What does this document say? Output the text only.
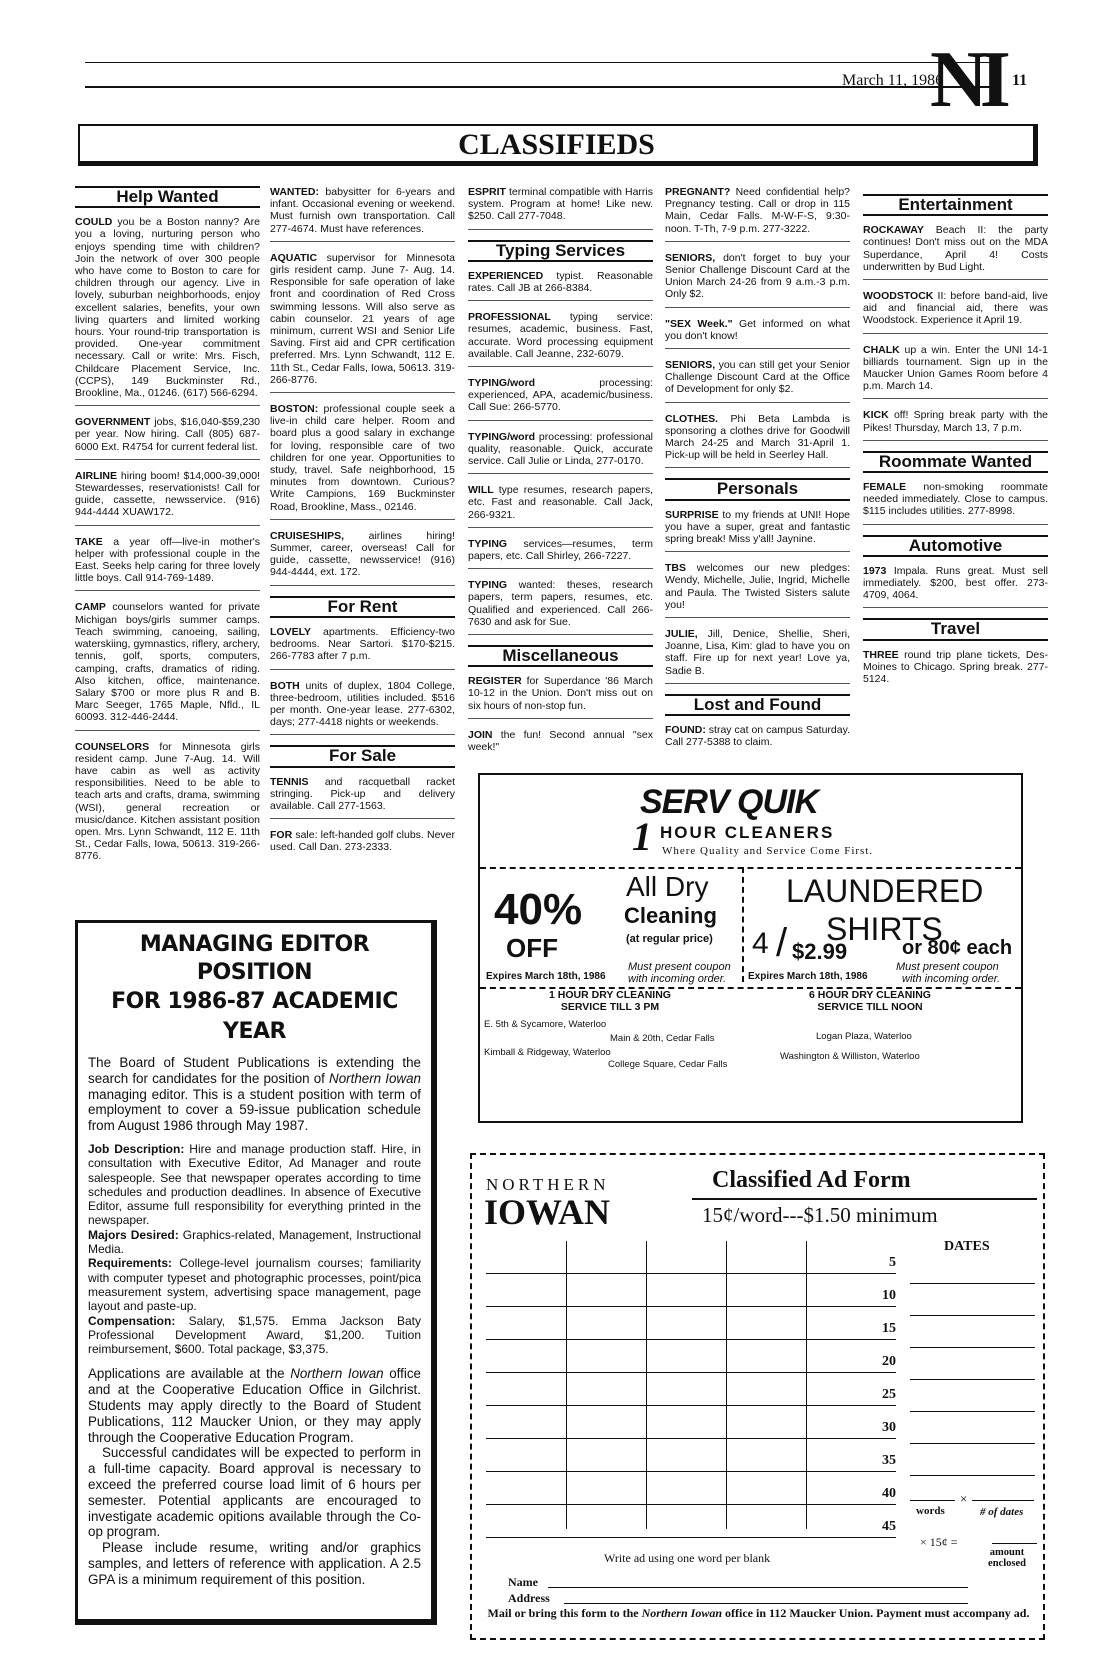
March 11, 1986	11
NI
CLASSIFIEDS
Help Wanted

COULD you be a Boston nanny? Are you a loving, nurturing person who enjoys spending time with children? Join the network of over 300 people who have come to Boston to care for children through our agency. Live in lovely, suburban neighborhoods, enjoy excellent salaries, benefits, your own living quarters and limited working hours. Your round-trip transportation is provided. One-year commitment necessary. Call or write: Mrs. Fisch, Childcare Placement Service, Inc. (CCPS), 149 Buckminster Rd., Brookline, Ma., 01246. (617) 566-6294.

GOVERNMENT jobs, $16,040-$59,230 per year. Now hiring. Call (805) 687-6000 Ext. R4754 for current federal list.

AIRLINE hiring boom! $14,000-39,000! Stewardesses, reservationists! Call for guide, cassette, newsservice. (916) 944-4444 XUAW172.

TAKE a year off—live-in mother's helper with professional couple in the East. Seeks help caring for three lovely little boys. Call 914-769-1489.

CAMP counselors wanted for private Michigan boys/girls summer camps. Teach swimming, canoeing, sailing, waterskiing, gymnastics, riflery, archery, tennis, golf, sports, computers, camping, crafts, dramatics of riding. Also kitchen, office, maintenance. Salary $700 or more plus R and B. Marc Seeger, 1765 Maple, Nfld., IL 60093. 312-446-2444.

COUNSELORS for Minnesota girls resident camp. June 7-Aug. 14. Will have cabin as well as activity responsibilities. Need to be able to teach arts and crafts, drama, swimming (WSI), general recreation or music/dance. Kitchen assistant position open. Mrs. Lynn Schwandt, 112 E. 11th St., Cedar Falls, Iowa, 50613. 319-266-8776.

WANTED: babysitter for 6-years and infant. Occasional evening or weekend. Must furnish own transportation. Call 277-4674. Must have references.

AQUATIC supervisor for Minnesota girls resident camp. June 7- Aug. 14. Responsible for safe operation of lake front and coordination of Red Cross swimming lessons. Will also serve as cabin counselor. 21 years of age minimum, current WSI and Senior Life Saving. First aid and CPR certification preferred. Mrs. Lynn Schwandt, 112 E. 11th St., Cedar Falls, Iowa, 50613. 319-266-8776.

BOSTON: professional couple seek a live-in child care helper. Room and board plus a good salary in exchange for loving, responsible care of two children for one year. Opportunities to study, travel. Safe neighborhood, 15 minutes from downtown. Curious? Write Campions, 169 Buckminster Road, Brookline, Mass., 02146.

CRUISESHIPS, airlines hiring! Summer, career, overseas! Call for guide, cassette, newsservice! (916) 944-4444, ext. 172.

For Rent

LOVELY apartments. Efficiency-two bedrooms. Near Sartori. $170-$215. 266-7783 after 7 p.m.

BOTH units of duplex, 1804 College, three-bedroom, utilities included. $516 per month. One-year lease. 277-6302, days; 277-4418 nights or weekends.

For Sale

TENNIS and racquetball racket stringing. Pick-up and delivery available. Call 277-1563.

FOR sale: left-handed golf clubs. Never used. Call Dan. 273-2333.

ESPRIT terminal compatible with Harris system. Program at home! Like new. $250. Call 277-7048.

Typing Services

EXPERIENCED typist. Reasonable rates. Call JB at 266-8384.

PROFESSIONAL typing service: resumes, academic, business. Fast, accurate. Word processing equipment available. Call Jeanne, 232-6079.

TYPING/word	processing: experienced, APA, academic/business. Call Sue: 266-5770.

TYPING/word processing: professional quality, reasonable. Quick, accurate service. Call Julie or Linda, 277-0170.

WILL type resumes, research papers, etc. Fast and reasonable. Call Jack, 266-9321.

TYPING services—resumes, term papers, etc. Call Shirley, 266-7227.

TYPING wanted: theses, research papers, term papers, resumes, etc. Qualified and experienced. Call 266-7630 and ask for Sue.

Miscellaneous

REGISTER for Superdance '86 March 10-12 in the Union. Don't miss out on six hours of non-stop fun.

JOIN the fun! Second annual "sex week!"

PREGNANT? Need confidential help? Pregnancy testing. Call or drop in 115 Main, Cedar Falls. M-W-F-S, 9:30-noon. T-Th, 7-9 p.m. 277-3222.

SENIORS, don't forget to buy your Senior Challenge Discount Card at the Union March 24-26 from 9 a.m.-3 p.m. Only $2.

"SEX Week." Get informed on what you don't know!

SENIORS, you can still get your Senior Challenge Discount Card at the Office of Development for only $2.

CLOTHES. Phi Beta Lambda is sponsoring a clothes drive for Goodwill March 24-25 and March 31-April 1. Pick-up will be held in Seerley Hall.

Personals

SURPRISE to my friends at UNI! Hope you have a super, great and fantastic spring break! Miss y'all! Jaynine.

TBS welcomes our new pledges: Wendy, Michelle, Julie, Ingrid, Michelle and Paula. The Twisted Sisters salute you!

JULIE, Jill, Denice, Shellie, Sheri, Joanne, Lisa, Kim: glad to have you on staff. Fire up for next year! Love ya, Sadie B.

Lost and Found

FOUND: stray cat on campus Saturday. Call 277-5388 to claim.

Entertainment

ROCKAWAY Beach II: the party continues! Don't miss out on the MDA Superdance, April 4! Costs underwritten by Bud Light.

WOODSTOCK II: before band-aid, live aid and financial aid, there was Woodstock. Experience it April 19.

CHALK up a win. Enter the UNI 14-1 billiards tournament. Sign up in the Maucker Union Games Room before 4 p.m. March 14.

KICK off! Spring break party with the Pikes! Thursday, March 13, 7 p.m.

Roommate Wanted

FEMALE non-smoking roommate needed immediately. Close to campus. $115 includes utilities. 277-8998.

Automotive

1973 Impala. Runs great. Must sell immediately. $200, best offer. 273-4709, 4064.

Travel

THREE round trip plane tickets, Des-Moines to Chicago. Spring break. 277-5124.

MANAGING EDITOR POSITION
FOR 1986-87 ACADEMIC YEAR
The Board of Student Publications is extending the search for candidates for the position of Northern Iowan managing editor. This is a student position with term of employment to cover a 59-issue publication schedule from August 1986 through May 1987.
Job Description: Hire and manage production staff. Hire, in consultation with Executive Editor, Ad Manager and route salespeople. See that newspaper operates according to time schedules and production deadlines. In absence of Executive Editor, assume full responsibility for everything printed in the newspaper.
Majors Desired: Graphics-related, Management, Instructional Media.
Requirements: College-level journalism courses; familiarity with computer typeset and photographic processes, point/pica measurement system, advertising space management, page layout and paste-up.
Compensation: Salary, $1,575. Emma Jackson Baty Professional Development Award, $1,200. Tuition reimbursement, $600. Total package, $3,375.
Applications are available at the Northern Iowan office and at the Cooperative Education Office in Gilchrist. Students may apply directly to the Board of Student Publications, 112 Maucker Union, or they may apply through the Cooperative Education Program.
Successful candidates will be expected to perform in a full-time capacity. Board approval is necessary to exceed the preferred course load limit of 6 hours per semester. Potential applicants are encouraged to investigate academic opitions available through the Co-op program.
Please include resume, writing and/or graphics samples, and letters of reference with application. A 2.5 GPA is a minimum requirement of this position.
SERV QUIK
1 HOUR CLEANERS
Where Quality and Service Come First.
40%
OFF
All Dry
Cleaning
(at regular price)
Must present coupon
with incoming order.
Expires March 18th, 1986
LAUNDERED
SHIRTS
4 / $2.99	or 80¢ each
Must present coupon
with incoming order.
Expires March 18th, 1986
1 HOUR DRY CLEANING
SERVICE TILL 3 PM
6 HOUR DRY CLEANING
SERVICE TILL NOON
E. 5th & Sycamore, Waterloo
Main & 20th, Cedar Falls
Kimball & Ridgeway, Waterloo
College Square, Cedar Falls
Logan Plaza, Waterloo
Washington & Williston, Waterloo
NORTHERN
IOWAN
Classified Ad Form
15¢/word---$1.50 minimum
DATES
5
10
15
20
25
30
35
40
45
×
words	# of dates
× 15¢ =
amount enclosed
Write ad using one word per blank
Name
Address
Mail or bring this form to the Northern Iowan office in 112 Maucker Union. Payment must accompany ad.
